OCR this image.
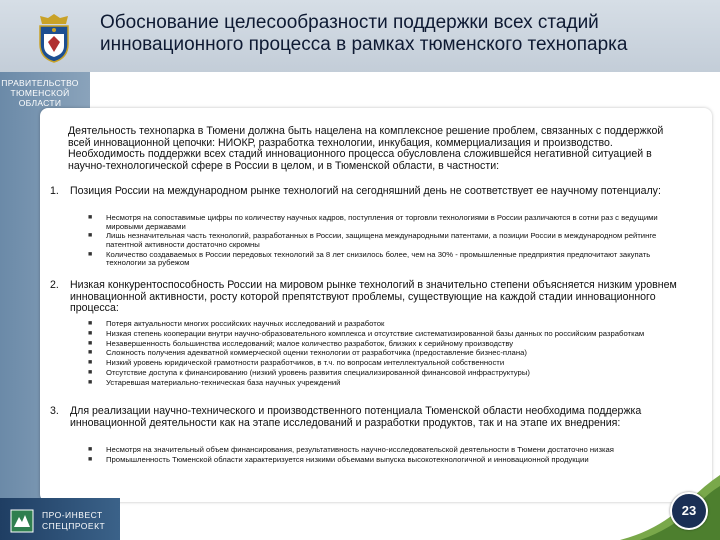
Обоснование целесообразности поддержки всех стадий
инновационного процесса в рамках тюменского технопарка
ПРАВИТЕЛЬСТВО
ТЮМЕНСКОЙ
ОБЛАСТИ

Деятельность технопарка в Тюмени должна быть нацелена на комплексное решение проблем, связанных с поддержкой всей инновационной цепочки: НИОКР, разработка технологии, инкубация, коммерциализация и производство. Необходимость поддержки всех стадий инновационного процесса обусловлена сложившейся негативной ситуацией в научно-технологической сфере в России в целом, и в Тюменской области, в частности:

1. Позиция России на международном рынке технологий на сегодняшний день не соответствует ее научному потенциалу:
■ Несмотря на сопоставимые цифры по количеству научных кадров, поступления от торговли технологиями в России различаются в сотни раз с ведущими мировыми державами
■ Лишь незначительная часть технологий, разработанных в России, защищена международными патентами, а позиции России в международном рейтинге патентной активности достаточно скромны
■ Количество создаваемых в России передовых технологий за 8 лет снизилось более, чем на 30% - промышленные предприятия предпочитают закупать технологии за рубежом
2. Низкая конкурентоспособность России на мировом рынке технологий в значительно степени объясняется низким уровнем инновационной активности, росту которой препятствуют проблемы, существующие на каждой стадии инновационного процесса:
■ Потеря актуальности многих российских научных исследований и разработок
■ Низкая степень кооперации внутри научно-образовательного комплекса и отсутствие систематизированной базы данных по российским разработкам
■ Незавершенность большинства исследований; малое количество разработок, близких к серийному производству
■ Сложность получения адекватной коммерческой оценки технологии от разработчика (предоставление бизнес-плана)
■ Низкий уровень юридической грамотности разработчиков, в т.ч. по вопросам интеллектуальной собственности
■ Отсутствие доступа к финансированию (низкий уровень развития специализированной финансовой инфраструктуры)
■ Устаревшая материально-техническая база научных учреждений
3. Для реализации научно-технического и производственного потенциала Тюменской области необходима поддержка инновационной деятельности как на этапе исследований и разработки продуктов, так и на этапе их внедрения:
■ Несмотря на значительный объем финансирования, результативность научно-исследовательской деятельности в Тюмени достаточно низкая
■ Промышленность Тюменской области характеризуется низкими объемами выпуска высокотехнологичной и инновационной продукции
ПРО-ИНВЕСТ
СПЕЦПРОЕКТ
23
